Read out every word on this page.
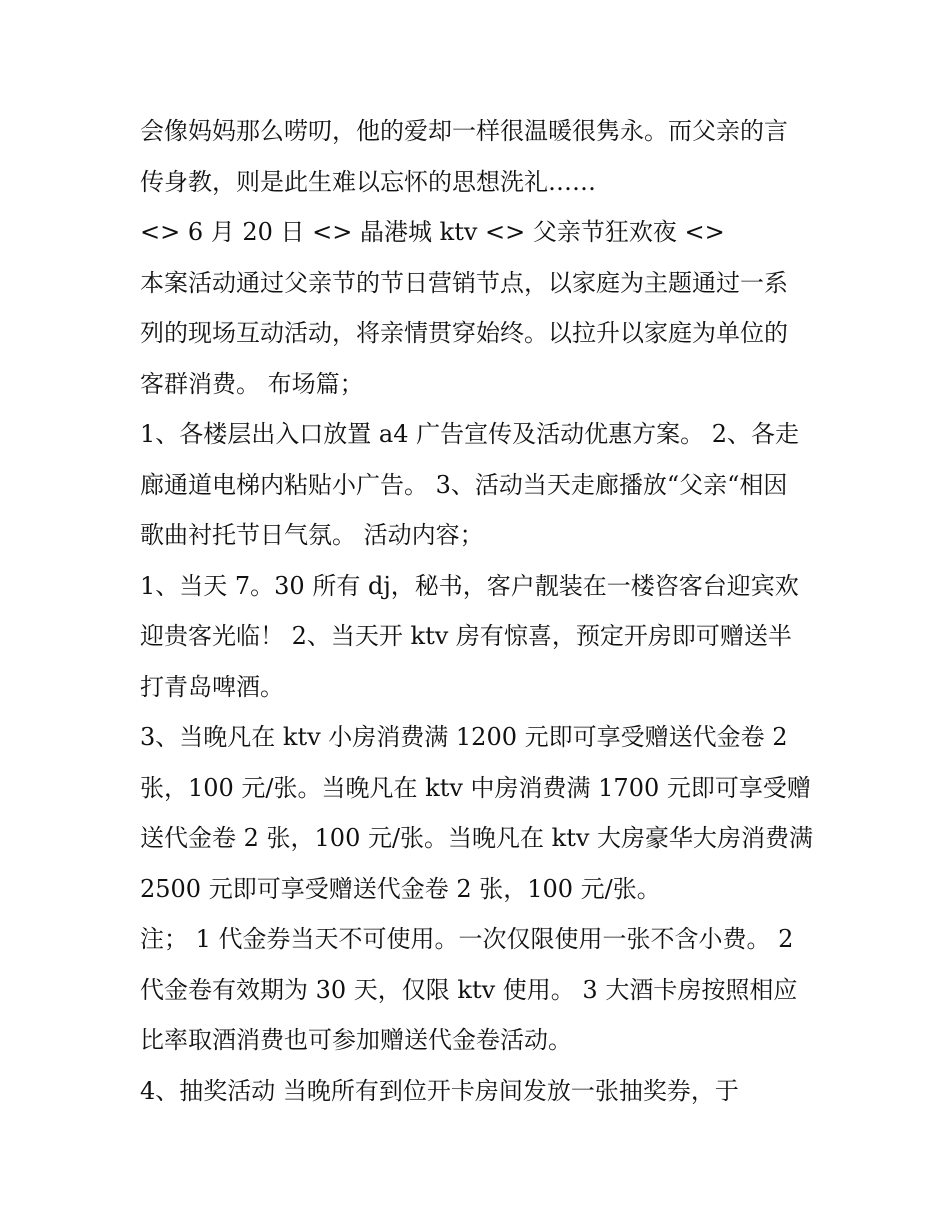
会像妈妈那么唠叨，他的爱却一样很温暖很隽永。而父亲的言

传身教，则是此生难以忘怀的思想洗礼……

<> 6 月 20 日 <> 晶港城 ktv <> 父亲节狂欢夜 <>

本案活动通过父亲节的节日营销节点，以家庭为主题通过一系

列的现场互动活动，将亲情贯穿始终。以拉升以家庭为单位的

客群消费。 布场篇；

1、各楼层出入口放置 a4 广告宣传及活动优惠方案。 2、各走

廊通道电梯内粘贴小广告。 3、活动当天走廊播放“父亲“相因

歌曲衬托节日气氛。 活动内容；

1、当天 7。30 所有 dj，秘书，客户靓装在一楼咨客台迎宾欢

迎贵客光临！ 2、当天开 ktv 房有惊喜，预定开房即可赠送半

打青岛啤酒。

3、当晚凡在 ktv 小房消费满 1200 元即可享受赠送代金卷 2

张，100 元/张。当晚凡在 ktv 中房消费满 1700 元即可享受赠

送代金卷 2 张，100 元/张。当晚凡在 ktv 大房豪华大房消费满

2500 元即可享受赠送代金卷 2 张，100 元/张。

注； 1 代金券当天不可使用。一次仅限使用一张不含小费。 2

代金卷有效期为 30 天，仅限 ktv 使用。 3 大酒卡房按照相应

比率取酒消费也可参加赠送代金卷活动。

4、抽奖活动 当晚所有到位开卡房间发放一张抽奖券，于
